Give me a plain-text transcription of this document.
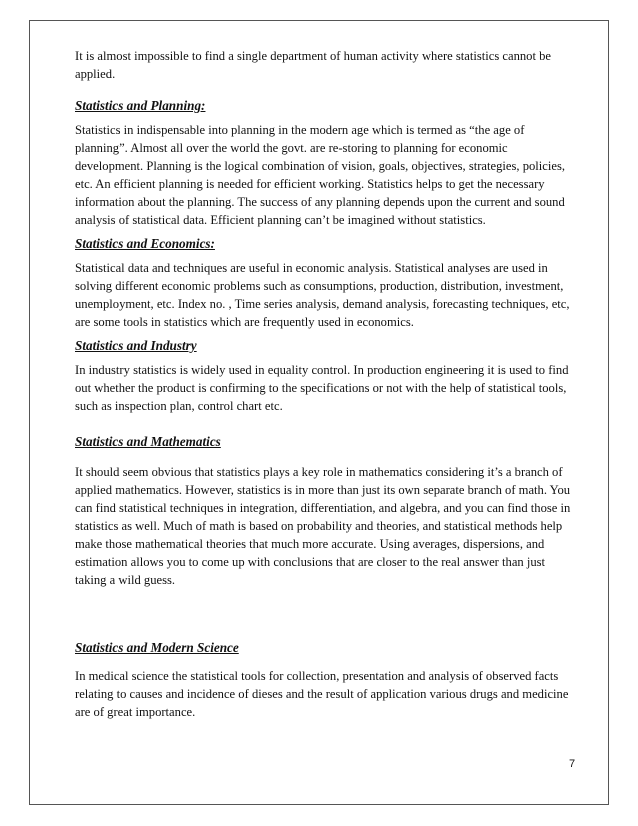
It is almost impossible to find a single department of human activity where statistics cannot be applied.

Statistics and Planning:

Statistics in indispensable into planning in the modern age which is termed as “the age of planning”. Almost all over the world the govt. are re-storing to planning for economic development. Planning is the logical combination of vision, goals, objectives, strategies, policies, etc. An efficient planning is needed for efficient working. Statistics helps to get the necessary information about the planning. The success of any planning depends upon the current and sound analysis of statistical data. Efficient planning can’t be imagined without statistics.

Statistics and Economics:

Statistical data and techniques are useful in economic analysis. Statistical analyses are used in solving different economic problems such as consumptions, production, distribution, investment, unemployment, etc. Index no. , Time series analysis, demand analysis, forecasting techniques, etc, are some tools in statistics which are frequently used in economics.

Statistics and Industry

In industry statistics is widely used in equality control. In production engineering it is used to find out whether the product is confirming to the specifications or not with the help of statistical tools, such as inspection plan, control chart etc.

Statistics and Mathematics

It should seem obvious that statistics plays a key role in mathematics considering it’s a branch of applied mathematics. However, statistics is in more than just its own separate branch of math. You can find statistical techniques in integration, differentiation, and algebra, and you can find those in statistics as well. Much of math is based on probability and theories, and statistical methods help make those mathematical theories that much more accurate. Using averages, dispersions, and estimation allows you to come up with conclusions that are closer to the real answer than just taking a wild guess.

Statistics and Modern Science

In medical science the statistical tools for collection, presentation and analysis of observed facts relating to causes and incidence of dieses and the result of application various drugs and medicine are of great importance.

7
